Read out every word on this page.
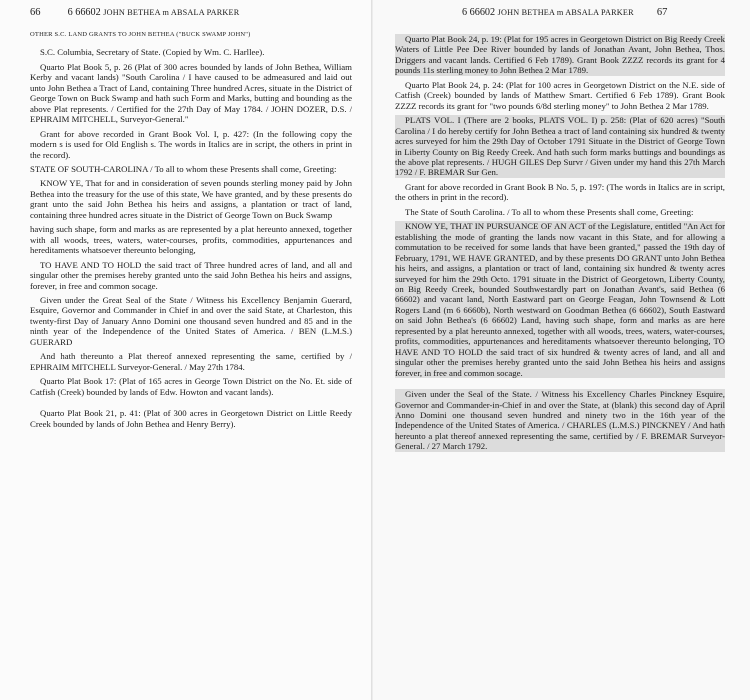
66	6 66602 JOHN BETHEA m ABSALA PARKER
OTHER S.C. LAND GRANTS TO JOHN BETHEA ("BUCK SWAMP JOHN")

S.C. Columbia, Secretary of State. (Copied by Wm. C. Harllee).

Quarto Plat Book 5, p. 26 (Plat of 300 acres bounded by lands of John Bethea, William Kerby and vacant lands) "South Carolina / I have caused to be admeasured and laid out unto John Bethea a Tract of Land, containing Three hundred Acres, situate in the District of George Town on Buck Swamp and hath such Form and Marks, butting and bounding as the above Plat represents. / Certified for the 27th Day of May 1784. / JOHN DOZER, D.S. / EPHRAIM MITCHELL, Surveyor-General."

Grant for above recorded in Grant Book Vol. I, p. 427: (In the following copy the modern s is used for Old English s. The words in Italics are in script, the others in print in the record).

STATE OF SOUTH-CAROLINA / To all to whom these Presents shall come, Greeting:

KNOW YE, That for and in consideration of seven pounds sterling money paid by John Bethea into the treasury for the use of this state, We have granted, and by these presents do grant unto the said John Bethea his heirs and assigns, a plantation or tract of land, containing three hundred acres situate in the District of George Town on Buck Swamp

having such shape, form and marks as are represented by a plat hereunto annexed, together with all woods, trees, waters, water-courses, profits, commodities, appurtenances and hereditaments whatsoever thereunto belonging,

TO HAVE AND TO HOLD the said tract of Three hundred acres of land, and all and singular other the premises hereby granted unto the said John Bethea his heirs and assigns, forever, in free and common socage.

Given under the Great Seal of the State / Witness his Excellency Benjamin Guerard, Esquire, Governor and Commander in Chief in and over the said State, at Charleston, this twenty-first Day of January Anno Domini one thousand seven hundred and 85 and in the ninth year of the Independence of the United States of America. / BEN (L.M.S.) GUERARD

And hath thereunto a Plat thereof annexed representing the same, certified by / EPHRAIM MITCHELL Surveyor-General. / May 27th 1784.

Quarto Plat Book 17: (Plat of 165 acres in George Town District on the No. Et. side of Catfish (Creek) bounded by lands of Edw. Howton and vacant lands).

Quarto Plat Book 21, p. 41: (Plat of 300 acres in Georgetown District on Little Reedy Creek bounded by lands of John Bethea and Henry Berry).

6 66602 JOHN BETHEA m ABSALA PARKER 67

Quarto Plat Book 24, p. 19: (Plat for 195 acres in Georgetown District on Big Reedy Creek Waters of Little Pee Dee River bounded by lands of Jonathan Avant, John Bethea, Thos. Driggers and vacant lands. Certified 6 Feb 1789). Grant Book ZZZZ records its grant for 4 pounds 11s sterling money to John Bethea 2 Mar 1789.

Quarto Plat Book 24, p. 24: (Plat for 100 acres in Georgetown District on the N.E. side of Catfish (Creek) bounded by lands of Matthew Smart. Certified 6 Feb 1789). Grant Book ZZZZ records its grant for "two pounds 6/8d sterling money" to John Bethea 2 Mar 1789.

PLATS VOL. I (There are 2 books, PLATS VOL. I) p. 258: (Plat of 620 acres) "South Carolina / I do hereby certify for John Bethea a tract of land containing six hundred & twenty acres surveyed for him the 29th Day of October 1791 Situate in the District of George Town in Liberty County on Big Reedy Creek. And hath such form marks buttings and boundings as the above plat represents. / HUGH GILES Dep Survr / Given under my hand this 27th March 1792 / F. BREMAR Sur Gen.

Grant for above recorded in Grant Book B No. 5, p. 197: (The words in Italics are in script, the others in print in the record).

The State of South Carolina. / To all to whom these Presents shall come, Greeting:

KNOW YE, THAT IN PURSUANCE OF AN ACT of the Legislature, entitled "An Act for establishing the mode of granting the lands now vacant in this State, and for allowing a commutation to be received for some lands that have been granted," passed the 19th day of February, 1791, WE HAVE GRANTED, and by these presents DO GRANT unto John Bethea his heirs, and assigns, a plantation or tract of land, containing six hundred & twenty acres surveyed for him the 29th Octo. 1791 situate in the District of Georgetown, Liberty County, on Big Reedy Creek, bounded Southwestardly part on Jonathan Avant's, said Bethea (6 66602) and vacant land, North Eastward part on George Feagan, John Townsend & Lott Rogers Land (m 6 6660b), North westward on Goodman Bethea (6 66602), South Eastward on said John Bethea's (6 66602) Land, having such shape, form and marks as are here represented by a plat hereunto annexed, together with all woods, trees, waters, water-courses, profits, commodities, appurtenances and hereditaments whatsoever thereunto belonging, TO HAVE AND TO HOLD the said tract of six hundred & twenty acres of land, and all and singular other the premises hereby granted unto the said John Bethea his heirs and assigns forever, in free and common socage.

Given under the Seal of the State. / Witness his Excellency Charles Pinckney Esquire, Governor and Commander-in-Chief in and over the State, at (blank) this second day of April Anno Domini one thousand seven hundred and ninety two in the 16th year of the Independence of the United States of America. / CHARLES (L.M.S.) PINCKNEY / And hath hereunto a plat thereof annexed representing the same, certified by / F. BREMAR Surveyor-General. / 27 March 1792.
